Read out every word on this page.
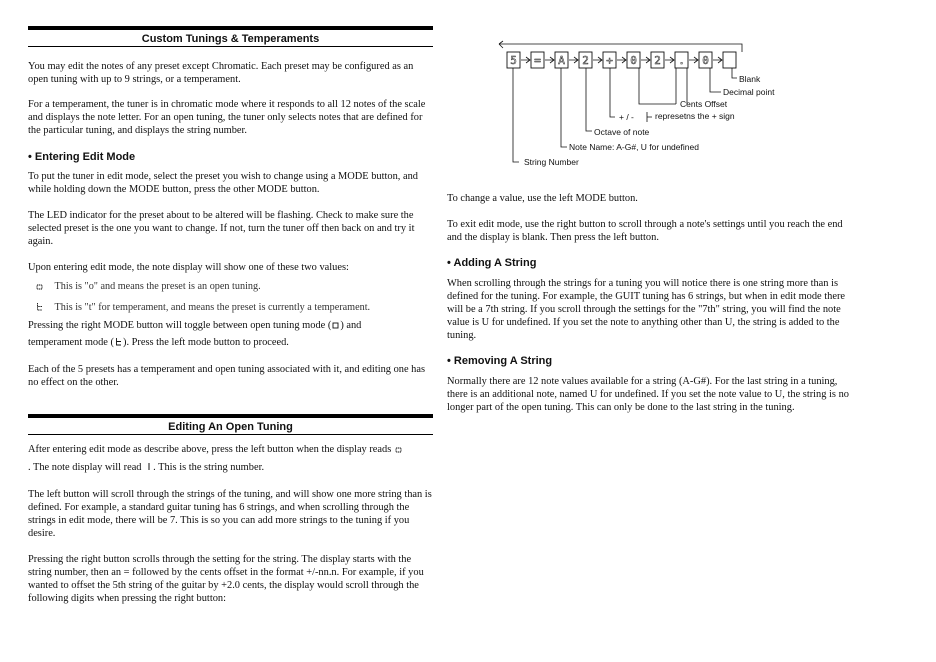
Custom Tunings & Temperaments

You may edit the notes of any preset except Chromatic. Each preset may be configured as an open tuning with up to 9 strings, or a temperament.

For a temperament, the tuner is in chromatic mode where it responds to all 12 notes of the scale and displays the note letter. For an open tuning, the tuner only selects notes that are defined for the particular tuning, and displays the string number.

• Entering Edit Mode

To put the tuner in edit mode, select the preset you wish to change using a MODE button, and while holding down the MODE button, press the other MODE button.

The LED indicator for the preset about to be altered will be flashing. Check to make sure the selected preset is the one you want to change. If not, turn the tuner off then back on and try it again.

Upon entering edit mode, the note display will show one of these two values:

This is "o" and means the preset is an open tuning.
This is "t" for temperament, and means the preset is currently a temperament.
Pressing the right MODE button will toggle between open tuning mode ( ) and
temperament mode ( ). Press the left mode button to proceed.

Each of the 5 presets has a temperament and open tuning associated with it, and editing one has no effect on the other.

Editing An Open Tuning
After entering edit mode as describe above, press the left button when the display reads
. The note display will read . This is the string number.

The left button will scroll through the strings of the tuning, and will show one more string than is defined. For example, a standard guitar tuning has 6 strings, and when scrolling through the strings in edit mode, there will be 7. This is so you can add more strings to the tuning if you desire.

Pressing the right button scrolls through the setting for the string. The display starts with the string number, then an = followed by the cents offset in the format +/-nn.n. For example, if you wanted to offset the 5th string of the guitar by +2.0 cents, the display would scroll through the following digits when pressing the right button:

5 = A 2 + 0 2 . 0
Blank
Decimal point
Cents Offset
+ / - represetns the + sign
Octave of note
Note Name: A-G#, U for undefined
String Number

To change a value, use the left MODE button.

To exit edit mode, use the right button to scroll through a note's settings until you reach the end and the display is blank. Then press the left button.

• Adding A String

When scrolling through the strings for a tuning you will notice there is one string more than is defined for the tuning. For example, the GUIT tuning has 6 strings, but when in edit mode there will be a 7th string. If you scroll through the settings for the "7th" string, you will find the note value is U for undefined. If you set the note to anything other than U, the string is added to the tuning.

• Removing A String

Normally there are 12 note values available for a string (A-G#). For the last string in a tuning, there is an additional note, named U for undefined. If you set the note value to U, the string is no longer part of the open tuning. This can only be done to the last string in the tuning.
